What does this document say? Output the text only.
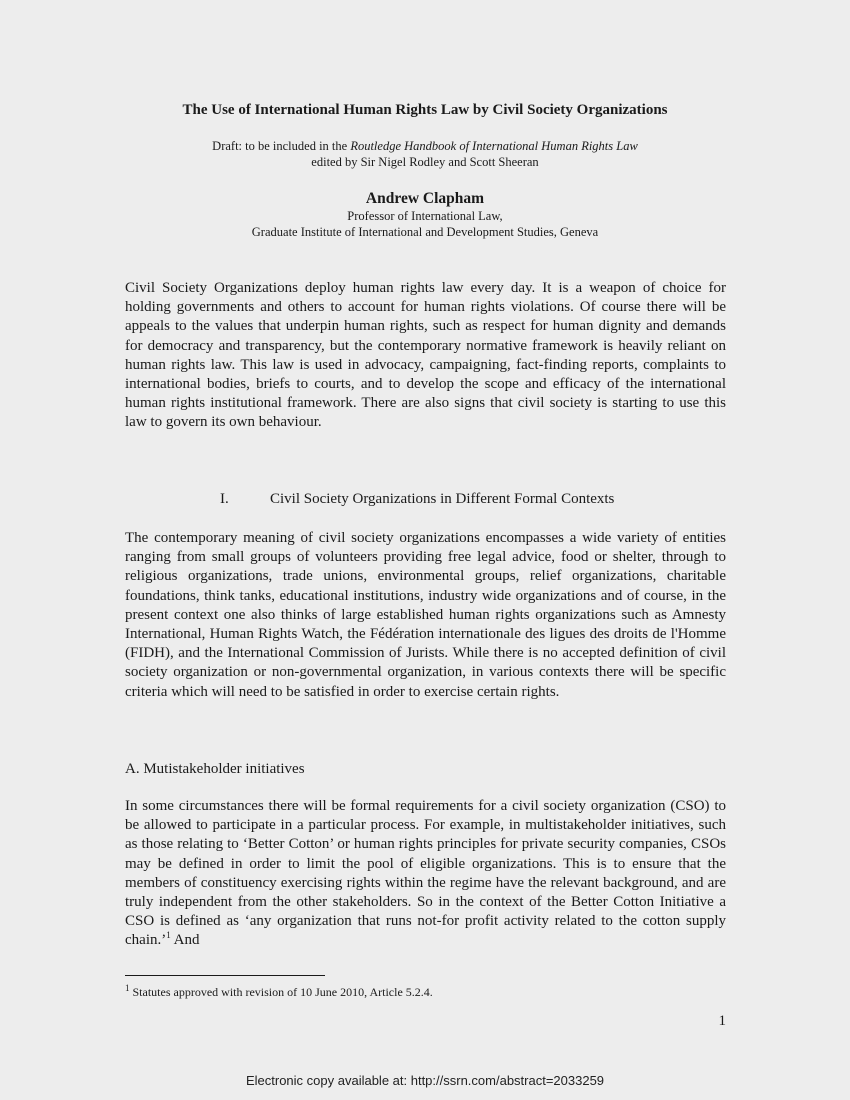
The Use of International Human Rights Law by Civil Society Organizations
Draft: to be included in the Routledge Handbook of International Human Rights Law
edited by Sir Nigel Rodley and Scott Sheeran
Andrew Clapham
Professor of International Law,
Graduate Institute of International and Development Studies, Geneva
Civil Society Organizations deploy human rights law every day. It is a weapon of choice for holding governments and others to account for human rights violations. Of course there will be appeals to the values that underpin human rights, such as respect for human dignity and demands for democracy and transparency, but the contemporary normative framework is heavily reliant on human rights law. This law is used in advocacy, campaigning, fact-finding reports, complaints to international bodies, briefs to courts, and to develop the scope and efficacy of the international human rights institutional framework. There are also signs that civil society is starting to use this law to govern its own behaviour.
I.	Civil Society Organizations in Different Formal Contexts
The contemporary meaning of civil society organizations encompasses a wide variety of entities ranging from small groups of volunteers providing free legal advice, food or shelter, through to religious organizations, trade unions, environmental groups, relief organizations, charitable foundations, think tanks, educational institutions, industry wide organizations and of course, in the present context one also thinks of large established human rights organizations such as Amnesty International, Human Rights Watch, the Fédération internationale des ligues des droits de l'Homme (FIDH), and the International Commission of Jurists. While there is no accepted definition of civil society organization or non-governmental organization, in various contexts there will be specific criteria which will need to be satisfied in order to exercise certain rights.
A. Mutistakeholder initiatives
In some circumstances there will be formal requirements for a civil society organization (CSO) to be allowed to participate in a particular process. For example, in multistakeholder initiatives, such as those relating to ‘Better Cotton’ or human rights principles for private security companies, CSOs may be defined in order to limit the pool of eligible organizations. This is to ensure that the members of constituency exercising rights within the regime have the relevant background, and are truly independent from the other stakeholders. So in the context of the Better Cotton Initiative a CSO is defined as ‘any organization that runs not-for profit activity related to the cotton supply chain.’$^1$ And
$^1$ Statutes approved with revision of 10 June 2010, Article 5.2.4.
1
Electronic copy available at: http://ssrn.com/abstract=2033259
